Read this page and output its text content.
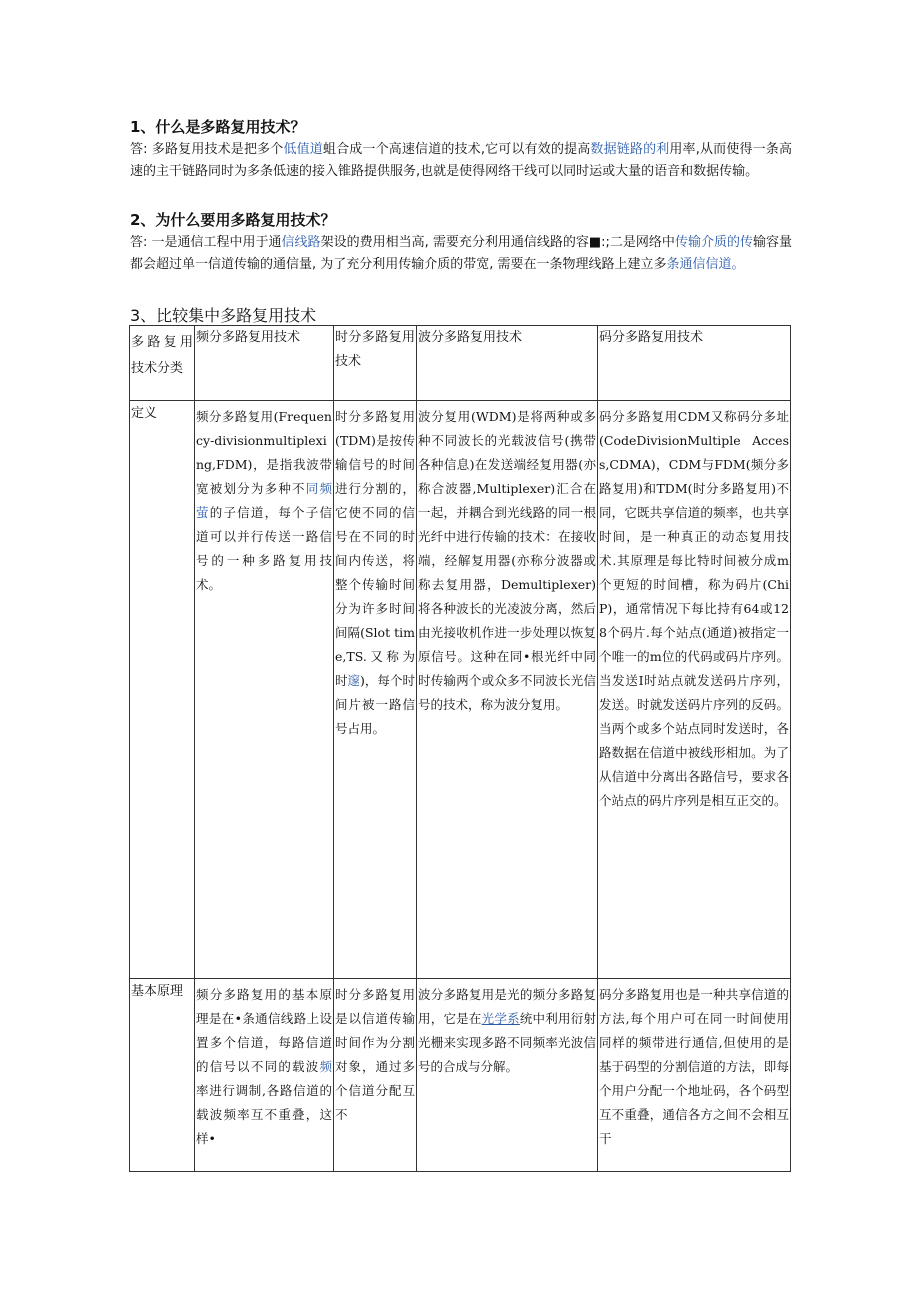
1、什么是多路复用技术？

答: 多路复用技术是把多个低值道蛆合成一个高速信道的技术,它可以有效的提高数据链路的利用率,从而使得一条高速的主干链路同时为多条低速的接入锥路提供服务,也就是使得网络干线可以同时运或大量的语音和数据传输。

2、为什么要用多路复用技术？

答: 一是通信工程中用于通信线路架设的费用相当高, 需要充分利用通信线路的容■:;二是网络中传输介质的传输容量都会超过单一信道传输的通信量, 为了充分利用传输介质的带宽, 需要在一条物理线路上建立多条通信信道。

3、比较集中多路复用技术

多路复用技术分类	频分多路复用技术	时分多路复用技术	波分多路复用技术	码分多路复用技术
定义	频分多路复用(Frequency-divisionmultiplexing,FDM)，是指我波带宽被划分为多种不同频萤的子信道，每个子信道可以并行传送一路信号的一种多路复用技术。	时分多路复用(TDM)是按传输信号的时间进行分割的，它使不同的信号在不同的时间内传送，将整个传输时间分为许多时间间隔(Slot time,TS.又称为时邃)，每个时间片被一路信号占用。	波分复用(WDM)是将两种或多种不同波长的光载波信号(携带各种信息)在发送端经复用器(亦称合波器,Multiplexer)汇合在一起，并耦合到光线路的同一根光纤中进行传输的技术：在接收端，经解复用器(亦称分波器或称去复用器，Demultiplexer)将各种波长的光凌波分离，然后由光接收机作进一步处理以恢复原信号。这种在同•根光纤中同时传输两个或众多不同波长光信号的技术，称为波分复用。	码分多路复用CDM又称码分多址(CodeDivisionMultiple Access,CDMA)，CDM与FDM(频分多路复用)和TDM(时分多路复用)不同，它既共享信道的频率，也共享时间，是一种真正的动态复用技术.其原理是每比特时间被分成m个更短的时间槽，称为码片(ChiP)，通常情况下每比持有64或128个码片.每个站点(通道)被指定一个唯一的m位的代码或码片序列。当发送I时站点就发送码片序列，发送。时就发送码片序列的反码。当两个或多个站点同时发送时，各路数据在信道中被线形相加。为了从信道中分离出各路信号，要求各个站点的码片序列是相互正交的。
基本原理	频分多路复用的基本原理是在•条通信线路上设置多个信道，每路信道的信号以不同的载波频率进行调制,各路信道的载波频率互不重叠，这样•	时分多路复用是以信道传输时间作为分割对象，通过多个信道分配互不	波分多路复用是光的频分多路复用，它是在光学系统中利用衍射光栅来实现多路不同频率光波信号的合成与分解。	码分多路复用也是一种共享信道的方法,每个用户可在同一时间使用同样的频带进行通信,但使用的是基于码型的分割信道的方法，即每个用户分配一个地址码，各个码型互不重叠，通信各方之间不会相互干
